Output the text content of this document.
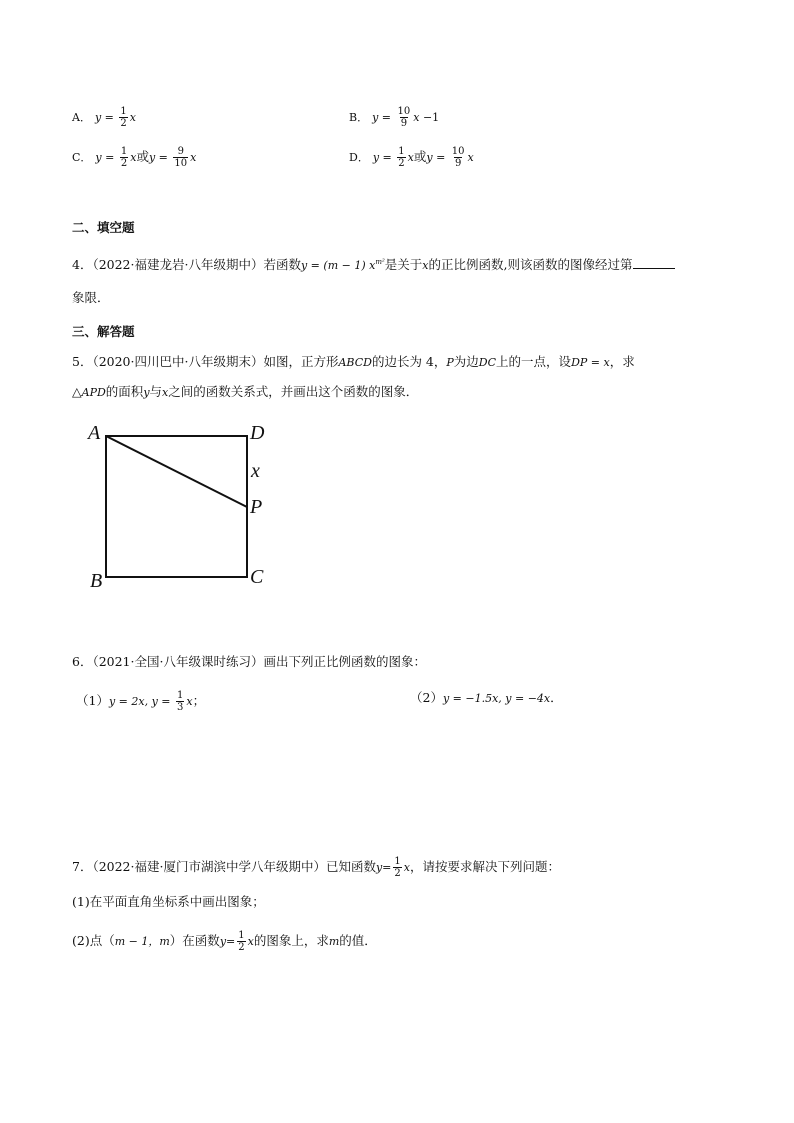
A． $y = \frac{1}{2}$ x	B． $y = \frac{10}{9}$ x −1
C． $y = \frac{1}{2}$ x或$y = \frac{9}{10}$ x	D． $y = \frac{1}{2}$ x或$y = \frac{10}{9}$ x
二、填空题
4．（2022·福建龙岩·八年级期中）若函数y = (m − 1) $x^{m^2}$是关于x的正比例函数,则该函数的图像经过第
象限．
三、解答题
5．（2020·四川巴中·八年级期末）如图，正方形ABCD的边长为 4，P为边DC上的一点，设DP = x，求
△APD的面积y与x之间的函数关系式，并画出这个函数的图象．
A	D
x
P
B	C
6．（2021·全国·八年级课时练习）画出下列正比例函数的图象：
（1）y = 2x, $y = \frac{1}{3}$ x；	（2）y = −1.5x, y = −4x．
7．（2022·福建·厦门市湖滨中学八年级期中）已知函数$y= \frac{1}{2}$ x，请按要求解决下列问题：
(1)在平面直角坐标系中画出图象；
(2)点（m − 1，m）在函数$y= \frac{1}{2}$ x的图象上，求m的值．
